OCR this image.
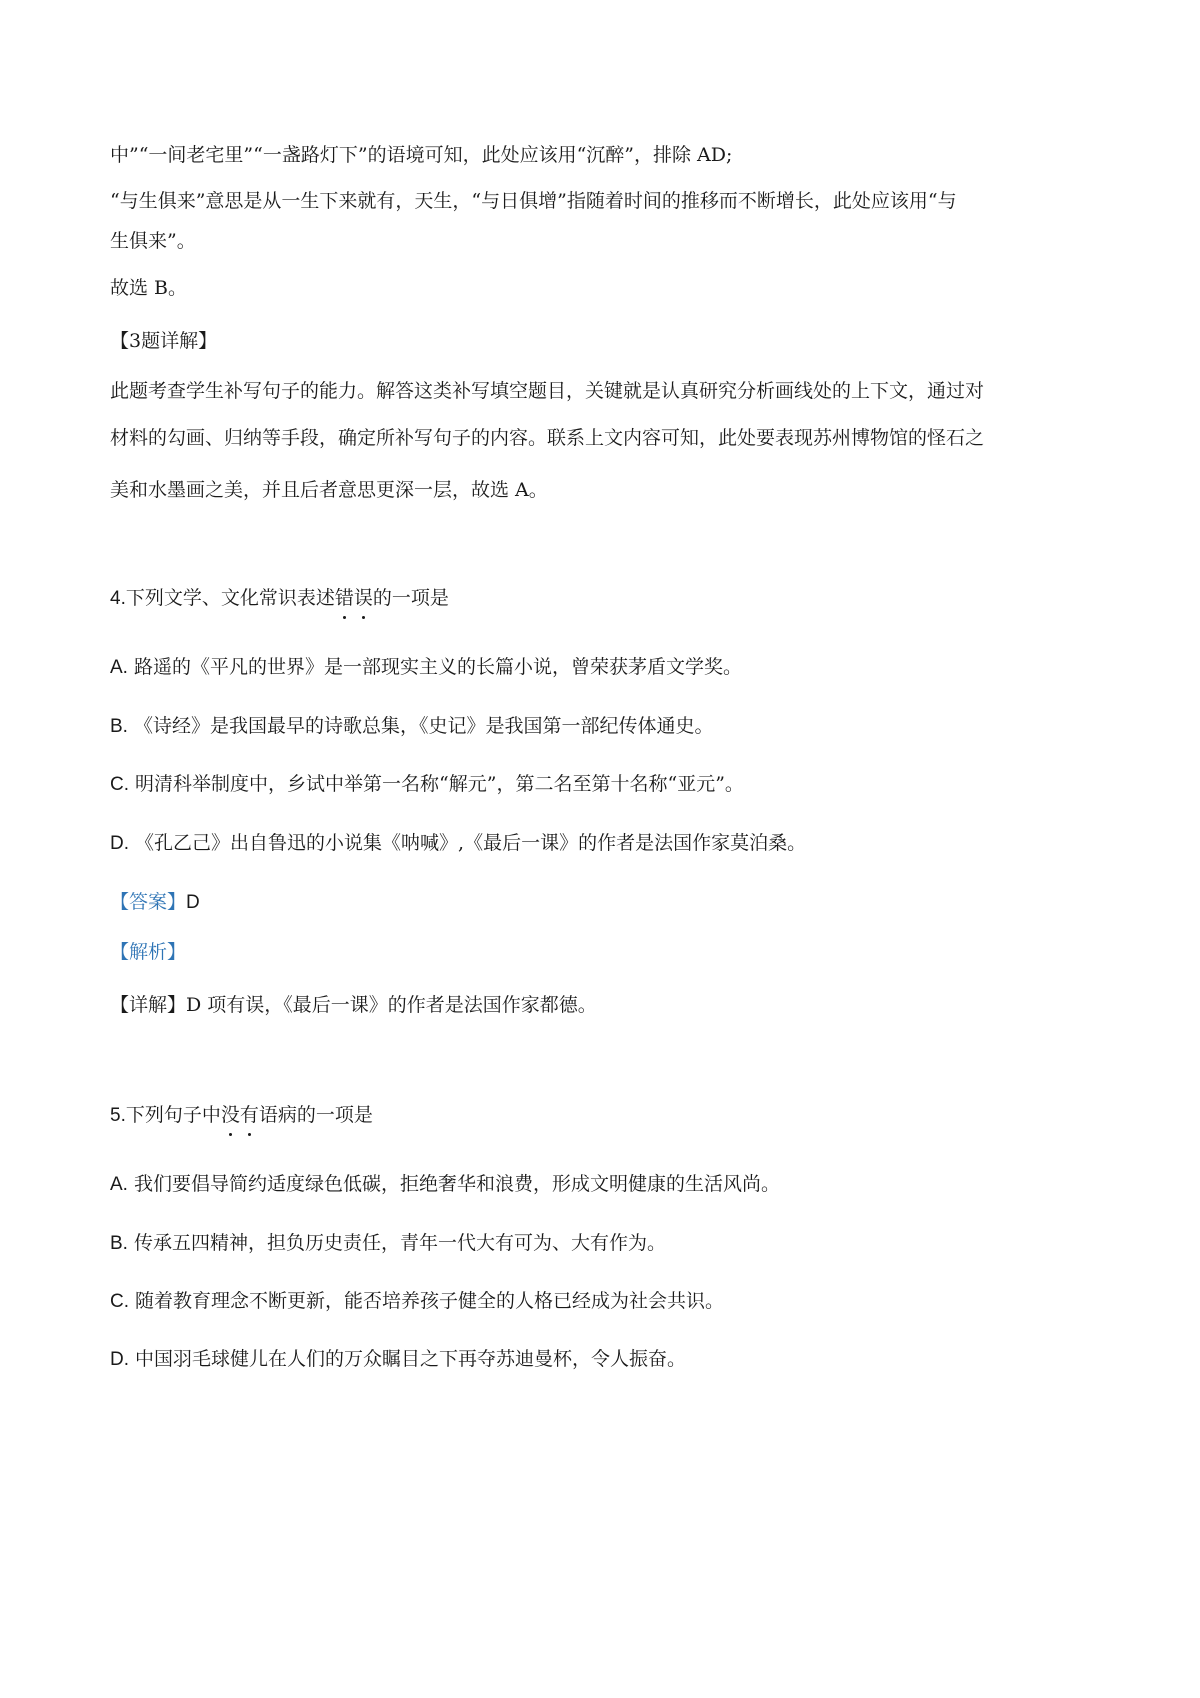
中”“一间老宅里”“一盏路灯下”的语境可知，此处应该用“沉醉”，排除 AD;
“与生俱来”意思是从一生下来就有，天生，“与日俱增”指随着时间的推移而不断增长，此处应该用“与
生俱来”。
故选 B。
【3题详解】
此题考查学生补写句子的能力。解答这类补写填空题目，关键就是认真研究分析画线处的上下文，通过对
材料的勾画、归纳等手段，确定所补写句子的内容。联系上文内容可知，此处要表现苏州博物馆的怪石之
美和水墨画之美，并且后者意思更深一层，故选 A。
4.下列文学、文化常识表述错误的一项是
A. 路遥的《平凡的世界》是一部现实主义的长篇小说，曾荣获茅盾文学奖。
B. 《诗经》是我国最早的诗歌总集，《史记》是我国第一部纪传体通史。
C. 明清科举制度中，乡试中举第一名称“解元”，第二名至第十名称“亚元”。
D. 《孔乙己》出自鲁迅的小说集《呐喊》,《最后一课》的作者是法国作家莫泊桑。
【答案】D
【解析】
【详解】D 项有误，《最后一课》的作者是法国作家都德。
5.下列句子中没有语病的一项是
A. 我们要倡导简约适度绿色低碳，拒绝奢华和浪费，形成文明健康的生活风尚。
B. 传承五四精神，担负历史责任，青年一代大有可为、大有作为。
C. 随着教育理念不断更新，能否培养孩子健全的人格已经成为社会共识。
D. 中国羽毛球健儿在人们的万众瞩目之下再夺苏迪曼杯，令人振奋。
